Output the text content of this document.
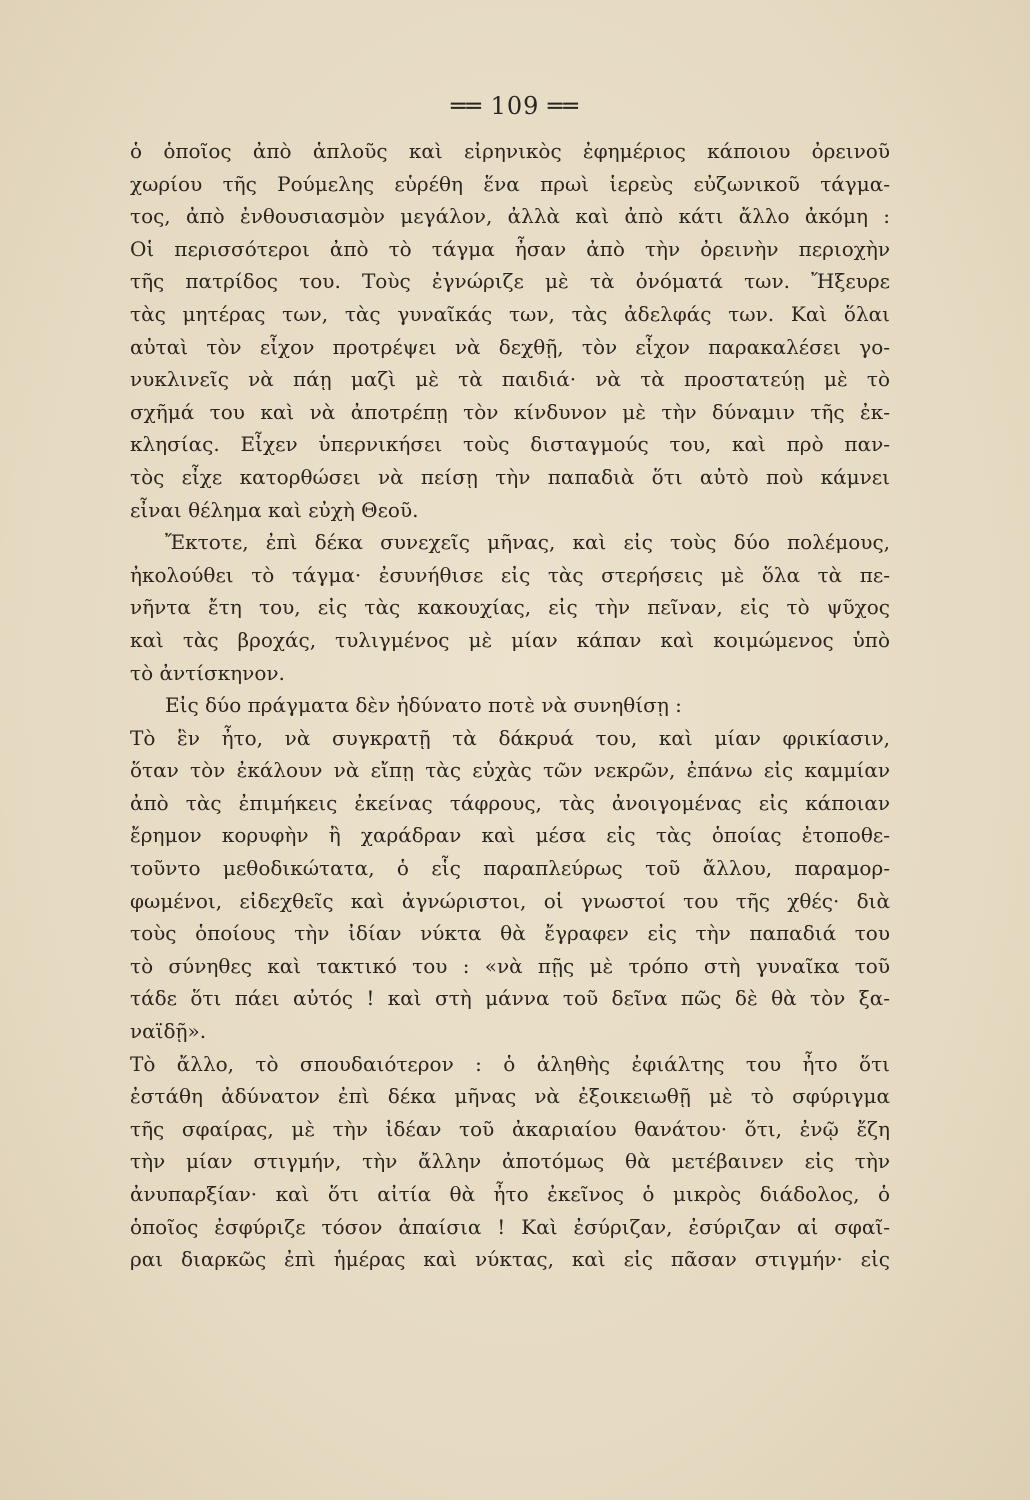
══ 109 ══
ὁ ὁποῖος ἀπὸ ἁπλοῦς καὶ εἰρηνικὸς ἐφημέριος κάποιου ὀρεινοῦ
χωρίου τῆς Ρούμελης εὑρέθη ἕνα πρωὶ ἱερεὺς εὐζωνικοῦ τάγμα-
τος, ἀπὸ ἐνθουσιασμὸν μεγάλον, ἀλλὰ καὶ ἀπὸ κάτι ἄλλο ἀκόμη :
Οἱ περισσότεροι ἀπὸ τὸ τάγμα ἦσαν ἀπὸ τὴν ὀρεινὴν περιοχὴν
τῆς πατρίδος του. Τοὺς ἐγνώριζε μὲ τὰ ὀνόματά των. Ἤξευρε
τὰς μητέρας των, τὰς γυναῖκάς των, τὰς ἀδελφάς των. Καὶ ὅλαι
αὐταὶ τὸν εἶχον προτρέψει νὰ δεχθῇ, τὸν εἶχον παρακαλέσει γο-
νυκλινεῖς νὰ πάῃ μαζὶ μὲ τὰ παιδιά· νὰ τὰ προστατεύῃ μὲ τὸ
σχῆμά του καὶ νὰ ἀποτρέπῃ τὸν κίνδυνον μὲ τὴν δύναμιν τῆς ἐκ-
κλησίας. Εἶχεν ὑπερνικήσει τοὺς δισταγμούς του, καὶ πρὸ παν-
τὸς εἶχε κατορθώσει νὰ πείσῃ τὴν παπαδιὰ ὅτι αὐτὸ ποὺ κάμνει
εἶναι θέλημα καὶ εὐχὴ Θεοῦ.
Ἔκτοτε, ἐπὶ δέκα συνεχεῖς μῆνας, καὶ εἰς τοὺς δύο πολέμους,
ἠκολούθει τὸ τάγμα· ἐσυνήθισε εἰς τὰς στερήσεις μὲ ὅλα τὰ πε-
νῆντα ἔτη του, εἰς τὰς κακουχίας, εἰς τὴν πεῖναν, εἰς τὸ ψῦχος
καὶ τὰς βροχάς, τυλιγμένος μὲ μίαν κάπαν καὶ κοιμώμενος ὑπὸ
τὸ ἀντίσκηνον.
Εἰς δύο πράγματα δὲν ἠδύνατο ποτὲ νὰ συνηθίσῃ :
Τὸ ἓν ἦτο, νὰ συγκρατῇ τὰ δάκρυά του, καὶ μίαν φρικίασιν,
ὅταν τὸν ἐκάλουν νὰ εἴπῃ τὰς εὐχὰς τῶν νεκρῶν, ἐπάνω εἰς καμμίαν
ἀπὸ τὰς ἐπιμήκεις ἐκείνας τάφρους, τὰς ἀνοιγομένας εἰς κάποιαν
ἔρημον κορυφὴν ἢ χαράδραν καὶ μέσα εἰς τὰς ὁποίας ἐτοποθε-
τοῦντο μεθοδικώτατα, ὁ εἷς παραπλεύρως τοῦ ἄλλου, παραμορ-
φωμένοι, εἰδεχθεῖς καὶ ἀγνώριστοι, οἱ γνωστοί του τῆς χθές· διὰ
τοὺς ὁποίους τὴν ἰδίαν νύκτα θὰ ἔγραφεν εἰς τὴν παπαδιά του
τὸ σύνηθες καὶ τακτικό του : «νὰ πῇς μὲ τρόπο στὴ γυναῖκα τοῦ
τάδε ὅτι πάει αὐτός ! καὶ στὴ μάννα τοῦ δεῖνα πῶς δὲ θὰ τὸν ξα-
ναϊδῇ».
Τὸ ἄλλο, τὸ σπουδαιότερον : ὁ ἀληθὴς ἐφιάλτης του ἦτο ὅτι
ἐστάθη ἀδύνατον ἐπὶ δέκα μῆνας νὰ ἐξοικειωθῇ μὲ τὸ σφύριγμα
τῆς σφαίρας, μὲ τὴν ἰδέαν τοῦ ἀκαριαίου θανάτου· ὅτι, ἐνῷ ἔζη
τὴν μίαν στιγμήν, τὴν ἄλλην ἀποτόμως θὰ μετέβαινεν εἰς τὴν
ἀνυπαρξίαν· καὶ ὅτι αἰτία θὰ ἦτο ἐκεῖνος ὁ μικρὸς διάδολος, ὁ
ὁποῖος ἐσφύριζε τόσον ἀπαίσια ! Καὶ ἐσύριζαν, ἐσύριζαν αἱ σφαῖ-
ραι διαρκῶς ἐπὶ ἡμέρας καὶ νύκτας, καὶ εἰς πᾶσαν στιγμήν· εἰς
